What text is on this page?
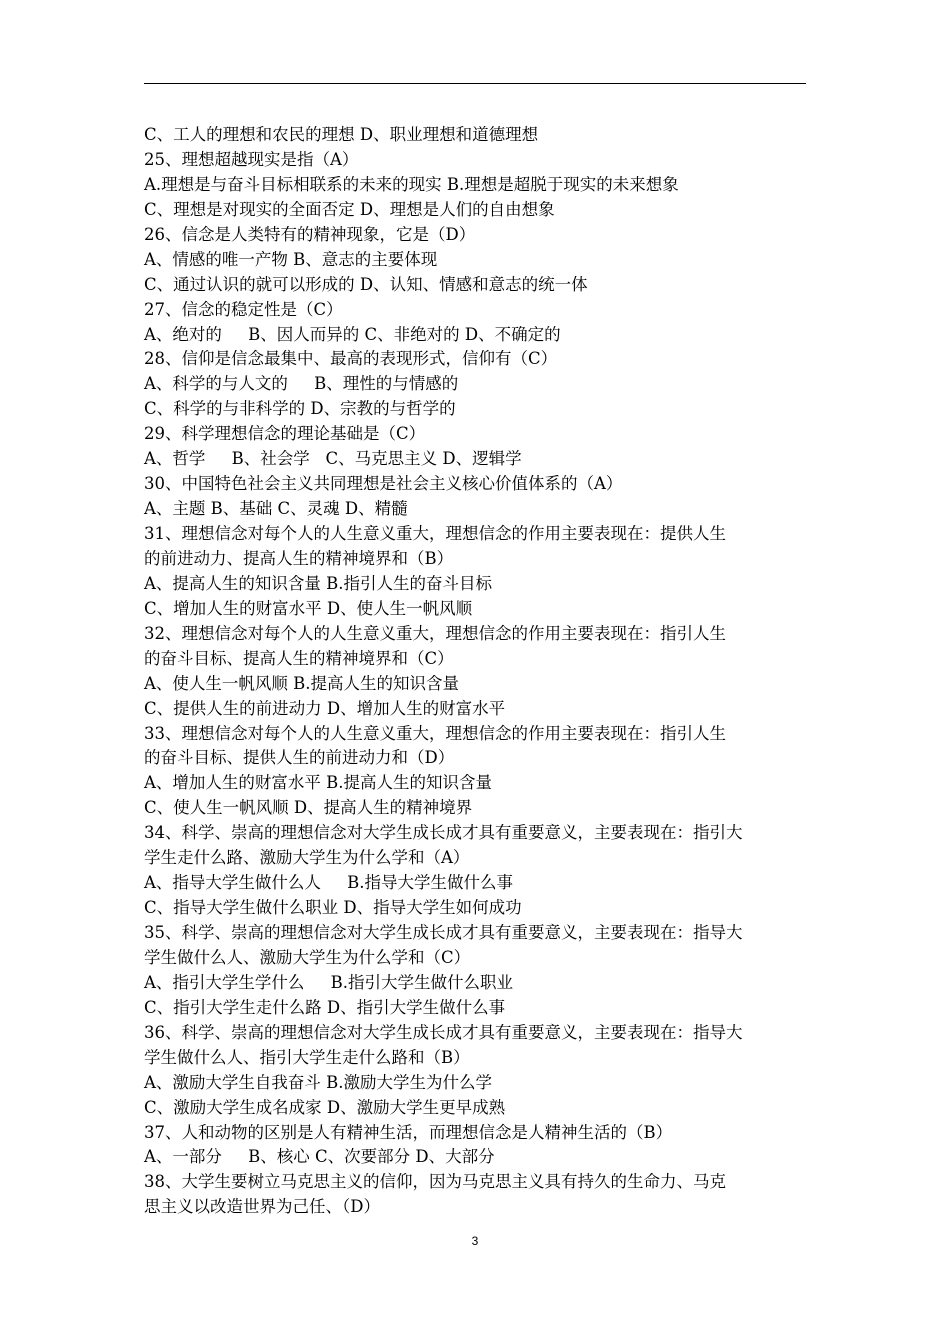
C、工人的理想和农民的理想 D、职业理想和道德理想
25、理想超越现实是指（A）
A.理想是与奋斗目标相联系的未来的现实 B.理想是超脱于现实的未来想象
C、理想是对现实的全面否定 D、理想是人们的自由想象
26、信念是人类特有的精神现象，它是（D）
A、情感的唯一产物 B、意志的主要体现
C、通过认识的就可以形成的 D、认知、情感和意志的统一体
27、信念的稳定性是（C）
A、绝对的     B、因人而异的 C、非绝对的 D、不确定的
28、信仰是信念最集中、最高的表现形式，信仰有（C）
A、科学的与人文的     B、理性的与情感的
C、科学的与非科学的 D、宗教的与哲学的
29、科学理想信念的理论基础是（C）
A、哲学     B、社会学   C、马克思主义 D、逻辑学
30、中国特色社会主义共同理想是社会主义核心价值体系的（A）
A、主题 B、基础 C、灵魂 D、精髓
31、理想信念对每个人的人生意义重大，理想信念的作用主要表现在：提供人生
的前进动力、提高人生的精神境界和（B）
A、提高人生的知识含量 B.指引人生的奋斗目标
C、增加人生的财富水平 D、使人生一帆风顺
32、理想信念对每个人的人生意义重大，理想信念的作用主要表现在：指引人生
的奋斗目标、提高人生的精神境界和（C）
A、使人生一帆风顺 B.提高人生的知识含量
C、提供人生的前进动力 D、增加人生的财富水平
33、理想信念对每个人的人生意义重大，理想信念的作用主要表现在：指引人生
的奋斗目标、提供人生的前进动力和（D）
A、增加人生的财富水平 B.提高人生的知识含量
C、使人生一帆风顺 D、提高人生的精神境界
34、科学、崇高的理想信念对大学生成长成才具有重要意义，主要表现在：指引大
学生走什么路、激励大学生为什么学和（A）
A、指导大学生做什么人     B.指导大学生做什么事
C、指导大学生做什么职业 D、指导大学生如何成功
35、科学、崇高的理想信念对大学生成长成才具有重要意义，主要表现在：指导大
学生做什么人、激励大学生为什么学和（C）
A、指引大学生学什么     B.指引大学生做什么职业
C、指引大学生走什么路 D、指引大学生做什么事
36、科学、崇高的理想信念对大学生成长成才具有重要意义，主要表现在：指导大
学生做什么人、指引大学生走什么路和（B）
A、激励大学生自我奋斗 B.激励大学生为什么学
C、激励大学生成名成家 D、激励大学生更早成熟
37、人和动物的区别是人有精神生活，而理想信念是人精神生活的（B）
A、一部分     B、核心 C、次要部分 D、大部分
38、大学生要树立马克思主义的信仰，因为马克思主义具有持久的生命力、马克
思主义以改造世界为己任、（D）
3
